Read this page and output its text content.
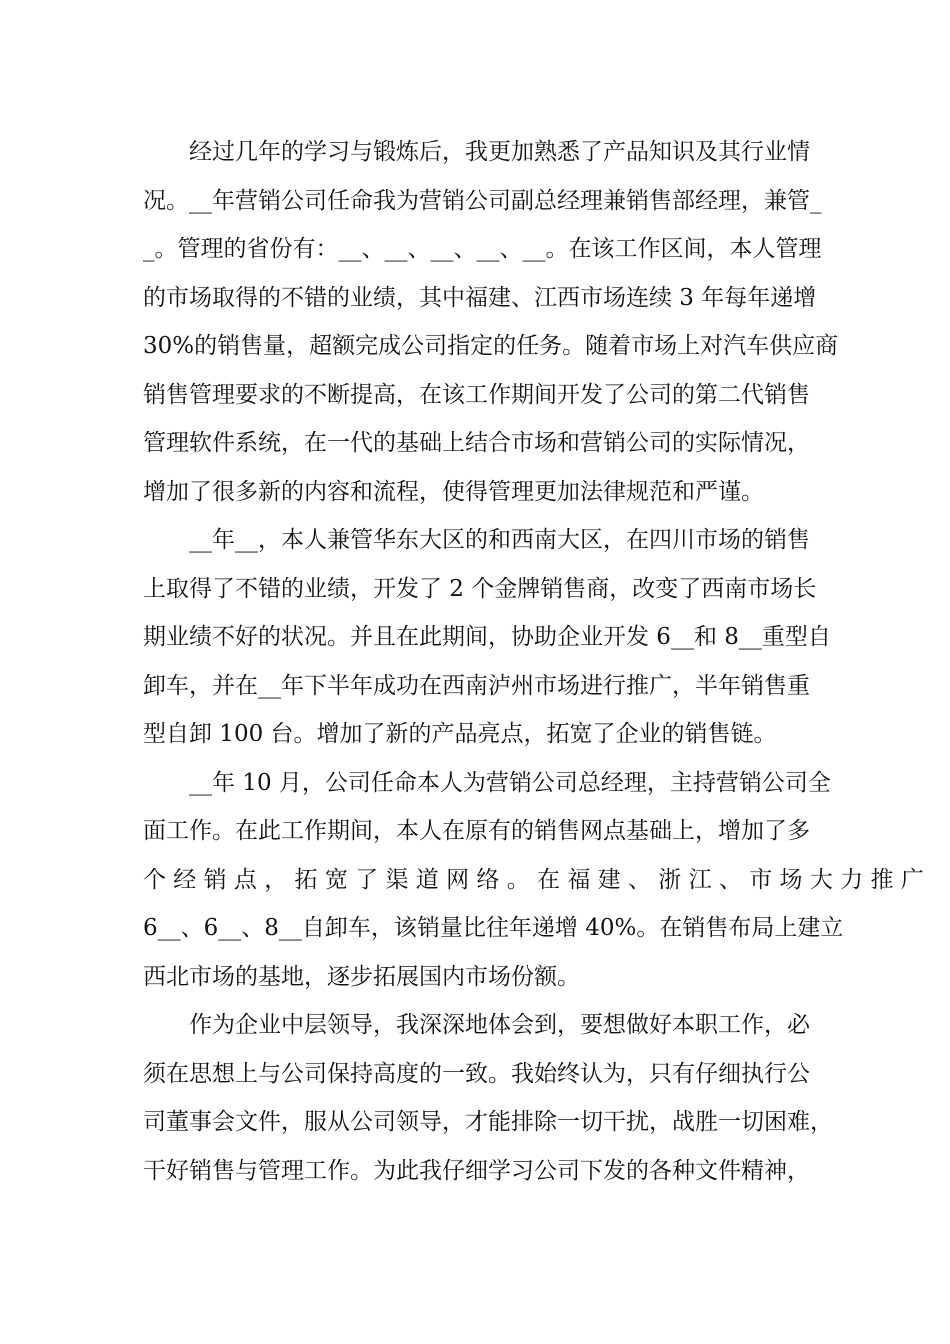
经过几年的学习与锻炼后，我更加熟悉了产品知识及其行业情
况。__年营销公司任命我为营销公司副总经理兼销售部经理，兼管_
_。管理的省份有：__、__、__、__、__。在该工作区间，本人管理
的市场取得的不错的业绩，其中福建、江西市场连续 3 年每年递增
30%的销售量，超额完成公司指定的任务。随着市场上对汽车供应商
销售管理要求的不断提高，在该工作期间开发了公司的第二代销售
管理软件系统，在一代的基础上结合市场和营销公司的实际情况，
增加了很多新的内容和流程，使得管理更加法律规范和严谨。
__年__，本人兼管华东大区的和西南大区，在四川市场的销售
上取得了不错的业绩，开发了 2 个金牌销售商，改变了西南市场长
期业绩不好的状况。并且在此期间，协助企业开发 6__和 8__重型自
卸车，并在__年下半年成功在西南泸州市场进行推广，半年销售重
型自卸 100 台。增加了新的产品亮点，拓宽了企业的销售链。
__年 10 月，公司任命本人为营销公司总经理，主持营销公司全
面工作。在此工作期间，本人在原有的销售网点基础上，增加了多
个 经 销 点 ， 拓 宽 了 渠 道 网 络 。 在 福 建 、 浙 江 、 市 场 大 力 推 广
6__、6__、8__自卸车，该销量比往年递增 40%。在销售布局上建立
西北市场的基地，逐步拓展国内市场份额。
作为企业中层领导，我深深地体会到，要想做好本职工作，必
须在思想上与公司保持高度的一致。我始终认为，只有仔细执行公
司董事会文件，服从公司领导，才能排除一切干扰，战胜一切困难，
干好销售与管理工作。为此我仔细学习公司下发的各种文件精神，
